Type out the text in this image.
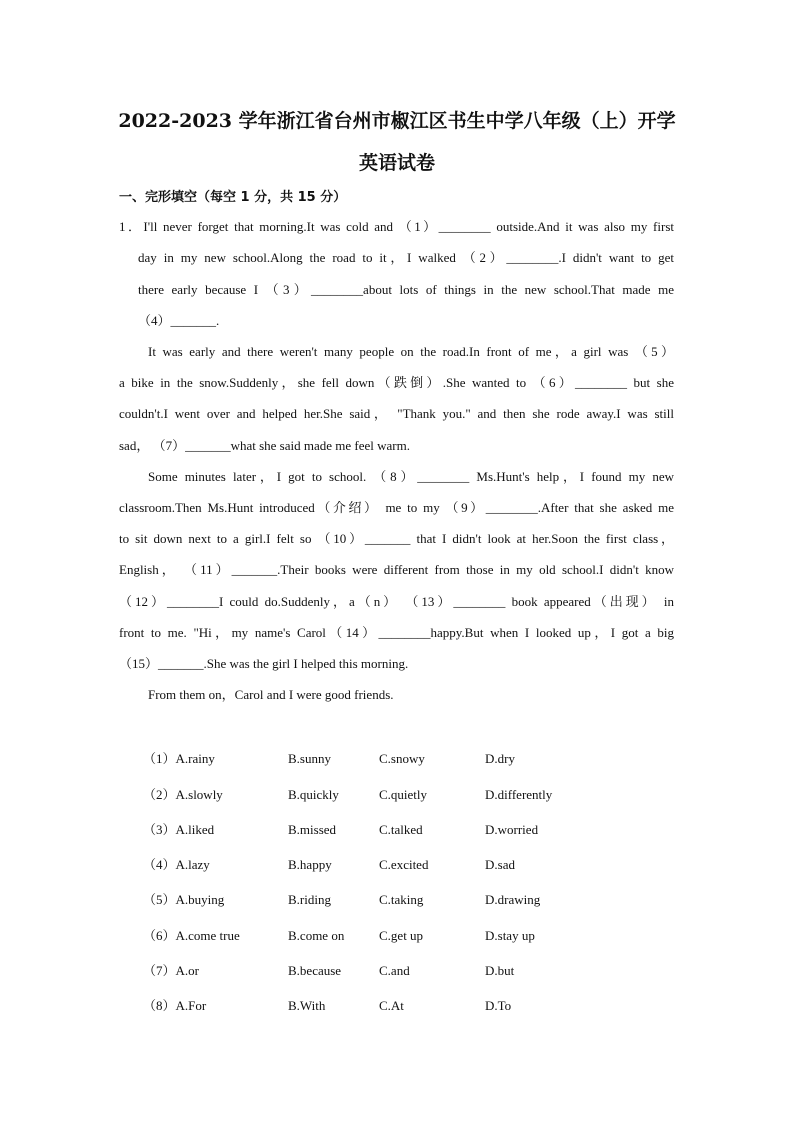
2022-2023 学年浙江省台州市椒江区书生中学八年级（上）开学
英语试卷
一、完形填空（每空 1 分，共 15 分）
1．I'll never forget that morning.It was cold and （1）________ outside.And it was also my first
day in my new school.Along the road to it，I walked （2）________.I didn't want to get
there early because I （3）________about lots of things in the new school.That made me
（4）_______.
It was early and there weren't many people on the road.In front of me，a girl was （5）
a bike in the snow.Suddenly，she fell down（跌倒）.She wanted to （6）________ but she
couldn't.I went over and helped her.She said， "Thank you." and then she rode away.I was still
sad， （7）_______what she said made me feel warm.
Some minutes later，I got to school. （8）________ Ms.Hunt's help，I found my new
classroom.Then Ms.Hunt introduced（介绍） me to my （9）________.After that she asked me
to sit down next to a girl.I felt so （10）_______ that I didn't look at her.Soon the first class，
English， （11）_______.Their books were different from those in my old school.I didn't know
（12）________I could do.Suddenly，a（n） （13）________ book appeared（出现） in
front to me. "Hi，my name's Carol（14）________happy.But when I looked up，I got a big
（15）_______.She was the girl I helped this morning.
From them on，Carol and I were good friends.
（1）A.rainy	B.sunny	C.snowy	D.dry
（2）A.slowly	B.quickly	C.quietly	D.differently
（3）A.liked	B.missed	C.talked	D.worried
（4）A.lazy	B.happy	C.excited	D.sad
（5）A.buying	B.riding	C.taking	D.drawing
（6）A.come true	B.come on	C.get up	D.stay up
（7）A.or	B.because	C.and	D.but
（8）A.For	B.With	C.At	D.To
